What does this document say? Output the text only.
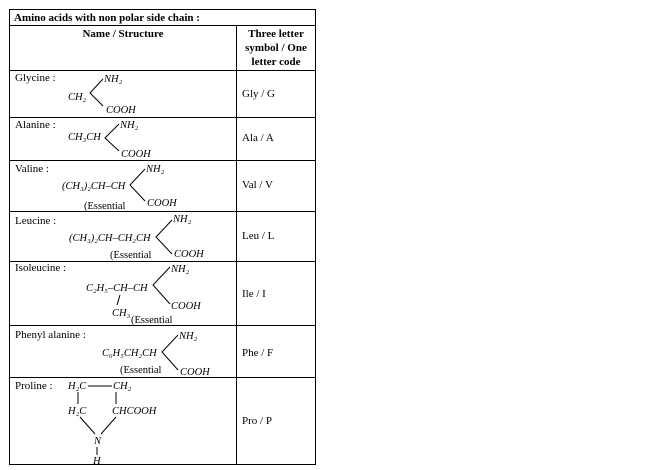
Amino acids with non polar side chain :
Name / Structure	Three letter
symbol / One
letter code
Glycine :
CH₂
NH₂
COOH
Gly / G
Alanine :
CH₃CH
NH₂
COOH
Ala / A
Valine :
(CH₃)₂CH–CH
NH₂
COOH
(Essential
Val / V
Leucine :
(CH₃)₂CH–CH₂CH
NH₂
COOH
(Essential
Leu / L
Isoleucine :
C₂H₅–CH–CH
CH₃
NH₂
COOH
(Essential
Ile / I
Phenyl alanine :
C₆H₅CH₂CH
NH₂
COOH
(Essential
Phe / F
Proline : H₂C	CH₂
H₂C CHCOOH
N
H
Pro / P
